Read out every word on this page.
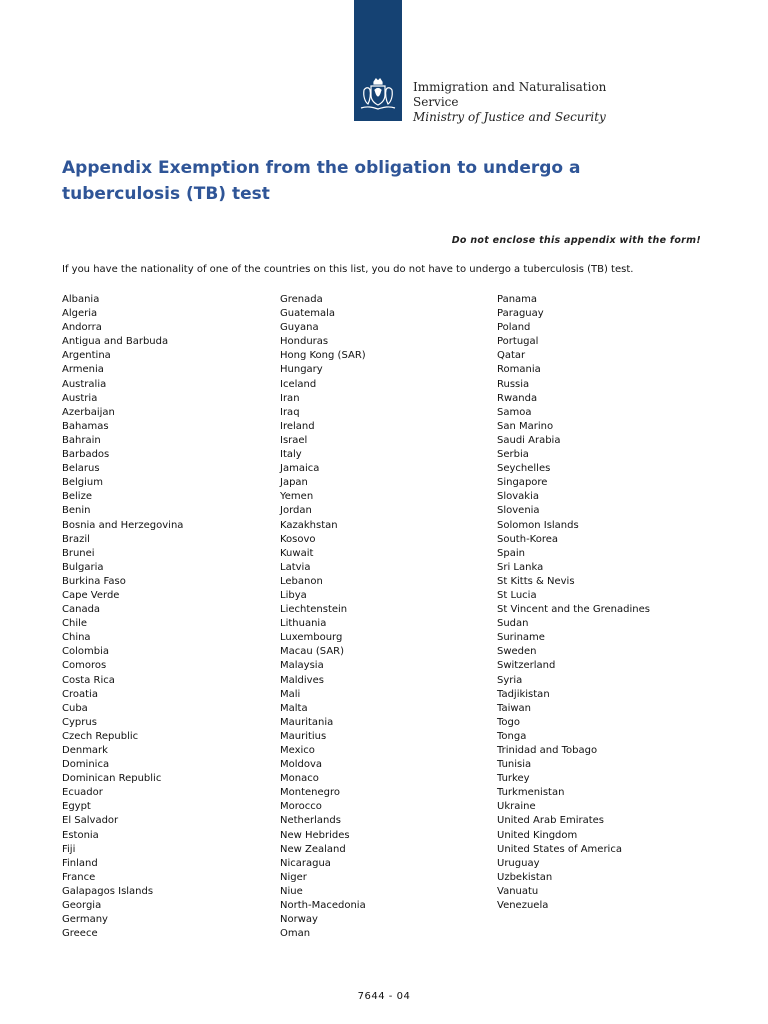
Immigration and Naturalisation
Service
Ministry of Justice and Security
Appendix Exemption from the obligation to undergo a
tuberculosis (TB) test
Do not enclose this appendix with the form!
If you have the nationality of one of the countries on this list, you do not have to undergo a tuberculosis (TB) test.
Albania
Algeria
Andorra
Antigua and Barbuda
Argentina
Armenia
Australia
Austria
Azerbaijan
Bahamas
Bahrain
Barbados
Belarus
Belgium
Belize
Benin
Bosnia and Herzegovina
Brazil
Brunei
Bulgaria
Burkina Faso
Cape Verde
Canada
Chile
China
Colombia
Comoros
Costa Rica
Croatia
Cuba
Cyprus
Czech Republic
Denmark
Dominica
Dominican Republic
Ecuador
Egypt
El Salvador
Estonia
Fiji
Finland
France
Galapagos Islands
Georgia
Germany
Greece
Grenada
Guatemala
Guyana
Honduras
Hong Kong (SAR)
Hungary
Iceland
Iran
Iraq
Ireland
Israel
Italy
Jamaica
Japan
Yemen
Jordan
Kazakhstan
Kosovo
Kuwait
Latvia
Lebanon
Libya
Liechtenstein
Lithuania
Luxembourg
Macau (SAR)
Malaysia
Maldives
Mali
Malta
Mauritania
Mauritius
Mexico
Moldova
Monaco
Montenegro
Morocco
Netherlands
New Hebrides
New Zealand
Nicaragua
Niger
Niue
North-Macedonia
Norway
Oman
Panama
Paraguay
Poland
Portugal
Qatar
Romania
Russia
Rwanda
Samoa
San Marino
Saudi Arabia
Serbia
Seychelles
Singapore
Slovakia
Slovenia
Solomon Islands
South-Korea
Spain
Sri Lanka
St Kitts & Nevis
St Lucia
St Vincent and the Grenadines
Sudan
Suriname
Sweden
Switzerland
Syria
Tadjikistan
Taiwan
Togo
Tonga
Trinidad and Tobago
Tunisia
Turkey
Turkmenistan
Ukraine
United Arab Emirates
United Kingdom
United States of America
Uruguay
Uzbekistan
Vanuatu
Venezuela
7644 - 04
